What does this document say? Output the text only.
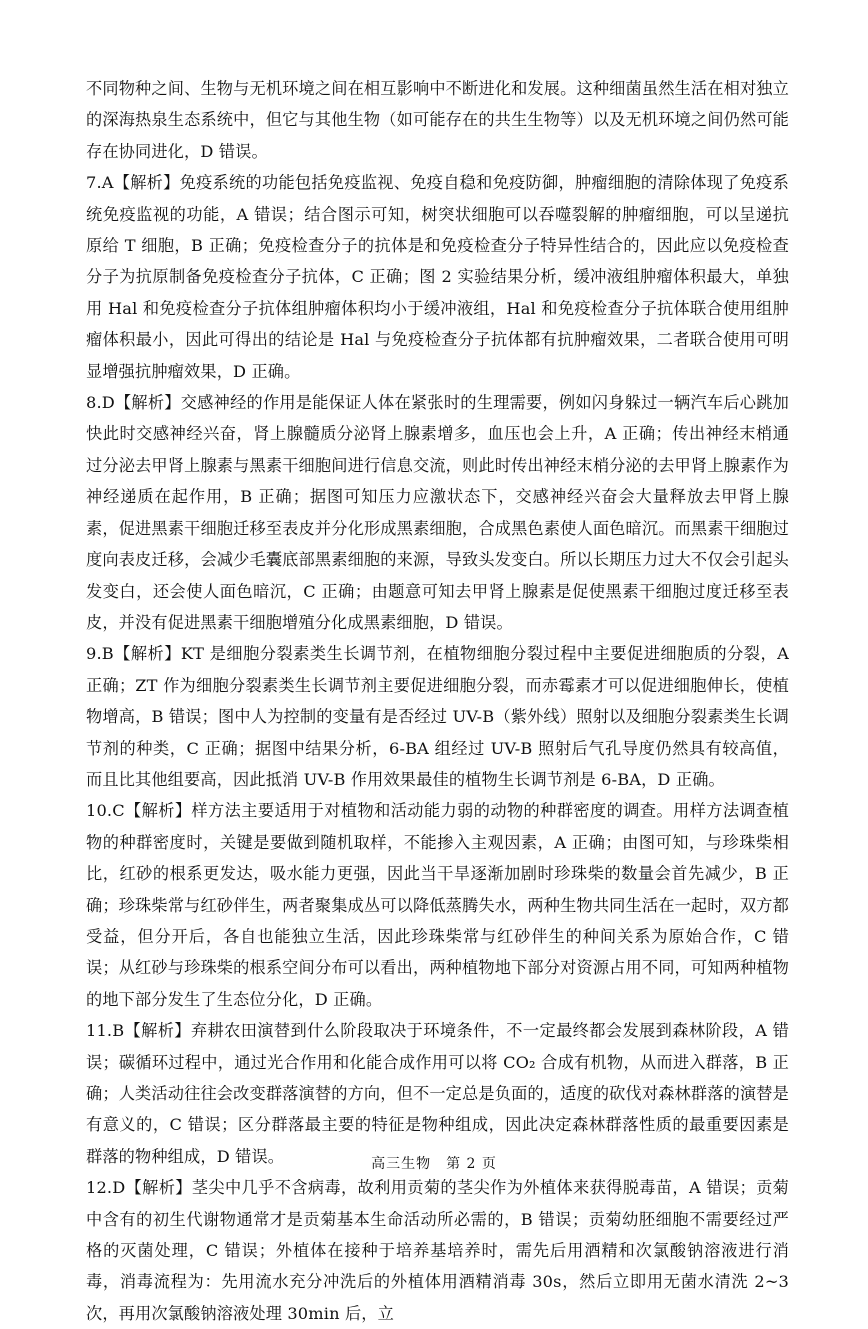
不同物种之间、生物与无机环境之间在相互影响中不断进化和发展。这种细菌虽然生活在相对独立的深海热泉生态系统中，但它与其他生物（如可能存在的共生生物等）以及无机环境之间仍然可能存在协同进化，D 错误。

7.A【解析】免疫系统的功能包括免疫监视、免疫自稳和免疫防御，肿瘤细胞的清除体现了免疫系统免疫监视的功能，A 错误；结合图示可知，树突状细胞可以吞噬裂解的肿瘤细胞，可以呈递抗原给 T 细胞，B 正确；免疫检查分子的抗体是和免疫检查分子特异性结合的，因此应以免疫检查分子为抗原制备免疫检查分子抗体，C 正确；图 2 实验结果分析，缓冲液组肿瘤体积最大，单独用 Hal 和免疫检查分子抗体组肿瘤体积均小于缓冲液组，Hal 和免疫检查分子抗体联合使用组肿瘤体积最小，因此可得出的结论是 Hal 与免疫检查分子抗体都有抗肿瘤效果，二者联合使用可明显增强抗肿瘤效果，D 正确。

8.D【解析】交感神经的作用是能保证人体在紧张时的生理需要，例如闪身躲过一辆汽车后心跳加快此时交感神经兴奋，肾上腺髓质分泌肾上腺素增多，血压也会上升，A 正确；传出神经末梢通过分泌去甲肾上腺素与黑素干细胞间进行信息交流，则此时传出神经末梢分泌的去甲肾上腺素作为神经递质在起作用，B 正确；据图可知压力应激状态下，交感神经兴奋会大量释放去甲肾上腺素，促进黑素干细胞迁移至表皮并分化形成黑素细胞，合成黑色素使人面色暗沉。而黑素干细胞过度向表皮迁移，会减少毛囊底部黑素细胞的来源，导致头发变白。所以长期压力过大不仅会引起头发变白，还会使人面色暗沉，C 正确；由题意可知去甲肾上腺素是促使黑素干细胞过度迁移至表皮，并没有促进黑素干细胞增殖分化成黑素细胞，D 错误。

9.B【解析】KT 是细胞分裂素类生长调节剂，在植物细胞分裂过程中主要促进细胞质的分裂，A 正确；ZT 作为细胞分裂素类生长调节剂主要促进细胞分裂，而赤霉素才可以促进细胞伸长，使植物增高，B 错误；图中人为控制的变量有是否经过 UV-B（紫外线）照射以及细胞分裂素类生长调节剂的种类，C 正确；据图中结果分析，6-BA 组经过 UV-B 照射后气孔导度仍然具有较高值，而且比其他组要高，因此抵消 UV-B 作用效果最佳的植物生长调节剂是 6-BA，D 正确。

10.C【解析】样方法主要适用于对植物和活动能力弱的动物的种群密度的调查。用样方法调查植物的种群密度时，关键是要做到随机取样，不能掺入主观因素，A 正确；由图可知，与珍珠柴相比，红砂的根系更发达，吸水能力更强，因此当干旱逐渐加剧时珍珠柴的数量会首先减少，B 正确；珍珠柴常与红砂伴生，两者聚集成丛可以降低蒸腾失水，两种生物共同生活在一起时，双方都受益，但分开后，各自也能独立生活，因此珍珠柴常与红砂伴生的种间关系为原始合作，C 错误；从红砂与珍珠柴的根系空间分布可以看出，两种植物地下部分对资源占用不同，可知两种植物的地下部分发生了生态位分化，D 正确。

11.B【解析】弃耕农田演替到什么阶段取决于环境条件，不一定最终都会发展到森林阶段，A 错误；碳循环过程中，通过光合作用和化能合成作用可以将 CO₂ 合成有机物，从而进入群落，B 正确；人类活动往往会改变群落演替的方向，但不一定总是负面的，适度的砍伐对森林群落的演替是有意义的，C 错误；区分群落最主要的特征是物种组成，因此决定森林群落性质的最重要因素是群落的物种组成，D 错误。

12.D【解析】茎尖中几乎不含病毒，故利用贡菊的茎尖作为外植体来获得脱毒苗，A 错误；贡菊中含有的初生代谢物通常才是贡菊基本生命活动所必需的，B 错误；贡菊幼胚细胞不需要经过严格的灭菌处理，C 错误；外植体在接种于培养基培养时，需先后用酒精和次氯酸钠溶液进行消毒，消毒流程为：先用流水充分冲洗后的外植体用酒精消毒 30s，然后立即用无菌水清洗 2~3 次，再用次氯酸钠溶液处理 30min 后，立

高三生物　第 2 页
